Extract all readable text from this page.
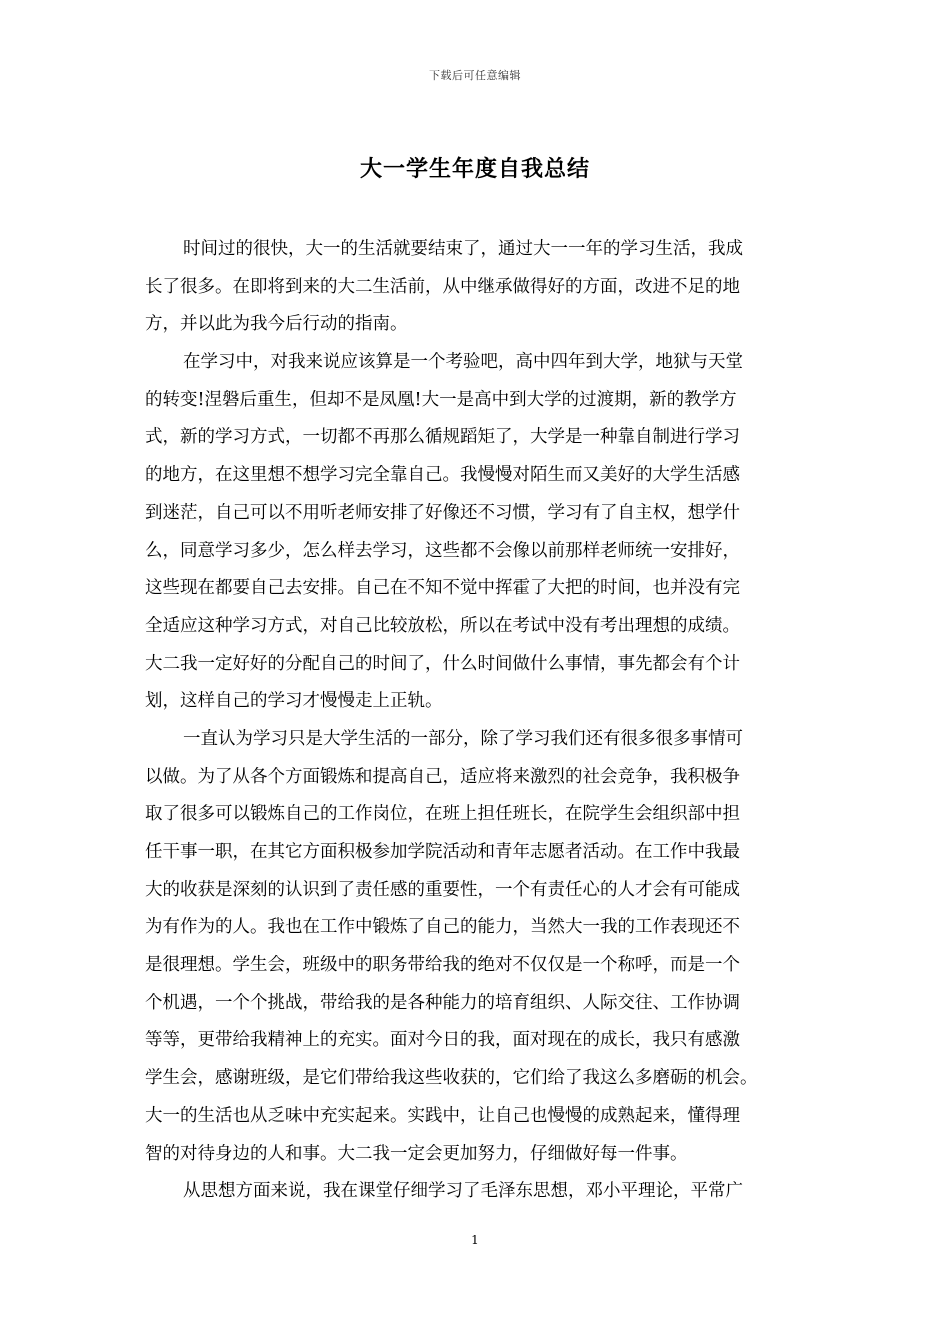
下载后可任意编辑
大一学生年度自我总结
时间过的很快，大一的生活就要结束了，通过大一一年的学习生活，我成
长了很多。在即将到来的大二生活前，从中继承做得好的方面，改进不足的地
方，并以此为我今后行动的指南。
在学习中，对我来说应该算是一个考验吧，高中四年到大学，地狱与天堂
的转变!涅磐后重生，但却不是凤凰!大一是高中到大学的过渡期，新的教学方
式，新的学习方式，一切都不再那么循规蹈矩了，大学是一种靠自制进行学习
的地方，在这里想不想学习完全靠自己。我慢慢对陌生而又美好的大学生活感
到迷茫，自己可以不用听老师安排了好像还不习惯，学习有了自主权，想学什
么，同意学习多少，怎么样去学习，这些都不会像以前那样老师统一安排好，
这些现在都要自己去安排。自己在不知不觉中挥霍了大把的时间，也并没有完
全适应这种学习方式，对自己比较放松，所以在考试中没有考出理想的成绩。
大二我一定好好的分配自己的时间了，什么时间做什么事情，事先都会有个计
划，这样自己的学习才慢慢走上正轨。
一直认为学习只是大学生活的一部分，除了学习我们还有很多很多事情可
以做。为了从各个方面锻炼和提高自己，适应将来激烈的社会竞争，我积极争
取了很多可以锻炼自己的工作岗位，在班上担任班长，在院学生会组织部中担
任干事一职，在其它方面积极参加学院活动和青年志愿者活动。在工作中我最
大的收获是深刻的认识到了责任感的重要性，一个有责任心的人才会有可能成
为有作为的人。我也在工作中锻炼了自己的能力，当然大一我的工作表现还不
是很理想。学生会，班级中的职务带给我的绝对不仅仅是一个称呼，而是一个
个机遇，一个个挑战，带给我的是各种能力的培育组织、人际交往、工作协调
等等，更带给我精神上的充实。面对今日的我，面对现在的成长，我只有感激
学生会，感谢班级，是它们带给我这些收获的，它们给了我这么多磨砺的机会。
大一的生活也从乏味中充实起来。实践中，让自己也慢慢的成熟起来，懂得理
智的对待身边的人和事。大二我一定会更加努力，仔细做好每一件事。
从思想方面来说，我在课堂仔细学习了毛泽东思想，邓小平理论，平常广
1
